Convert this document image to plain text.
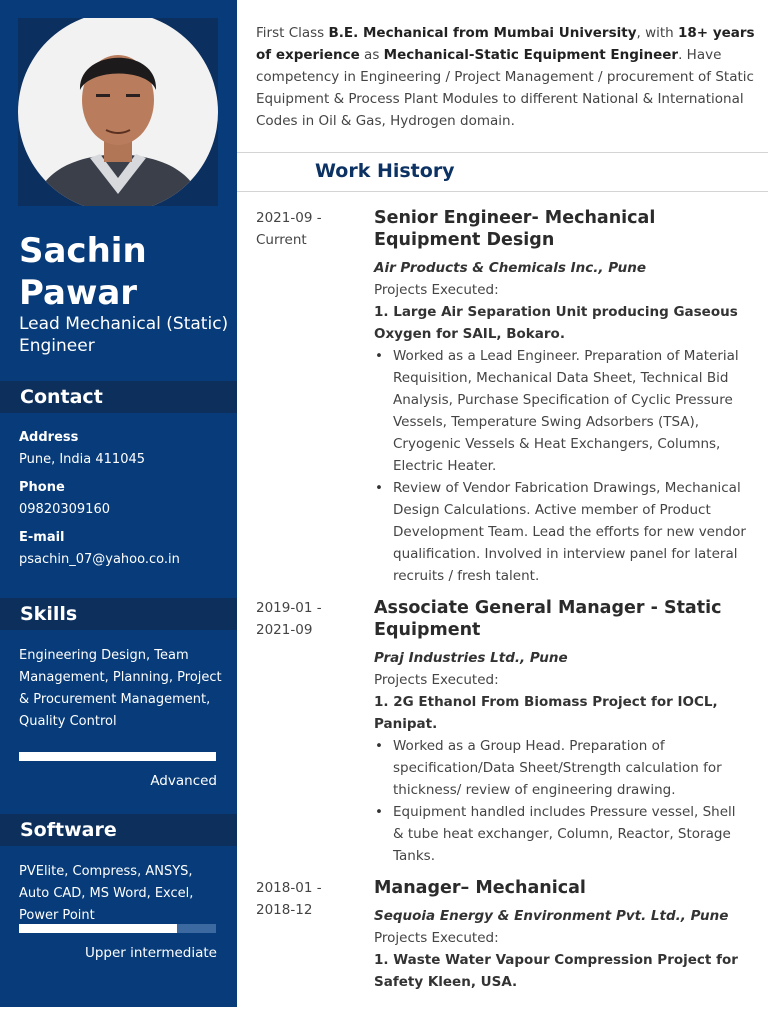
Sachin
Pawar
Lead Mechanical (Static) Engineer
Contact
Address
Pune, India 411045
Phone
09820309160
E-mail
psachin_07@yahoo.co.in
Skills
Engineering Design, Team Management, Planning, Project & Procurement Management, Quality Control
Advanced
Software
PVElite, Compress, ANSYS, Auto CAD, MS Word, Excel, Power Point
Upper intermediate
First Class B.E. Mechanical from Mumbai University, with 18+ years of experience as Mechanical-Static Equipment Engineer. Have competency in Engineering / Project Management / procurement of Static Equipment & Process Plant Modules to different National & International Codes in Oil & Gas, Hydrogen domain.
Work History
2021-09 -
Current
Senior Engineer- Mechanical Equipment Design
Air Products & Chemicals Inc., Pune
Projects Executed:
1. Large Air Separation Unit producing Gaseous Oxygen for SAIL, Bokaro.
• Worked as a Lead Engineer. Preparation of Material Requisition, Mechanical Data Sheet, Technical Bid Analysis, Purchase Specification of Cyclic Pressure Vessels, Temperature Swing Adsorbers (TSA), Cryogenic Vessels & Heat Exchangers, Columns, Electric Heater.
• Review of Vendor Fabrication Drawings, Mechanical Design Calculations. Active member of Product Development Team. Lead the efforts for new vendor qualification. Involved in interview panel for lateral recruits / fresh talent.
2019-01 -
2021-09
Associate General Manager - Static Equipment
Praj Industries Ltd., Pune
Projects Executed:
1. 2G Ethanol From Biomass Project for IOCL, Panipat.
• Worked as a Group Head. Preparation of specification/Data Sheet/Strength calculation for thickness/ review of engineering drawing.
• Equipment handled includes Pressure vessel, Shell & tube heat exchanger, Column, Reactor, Storage Tanks.
2018-01 -
2018-12
Manager– Mechanical
Sequoia Energy & Environment Pvt. Ltd., Pune
Projects Executed:
1. Waste Water Vapour Compression Project for Safety Kleen, USA.
